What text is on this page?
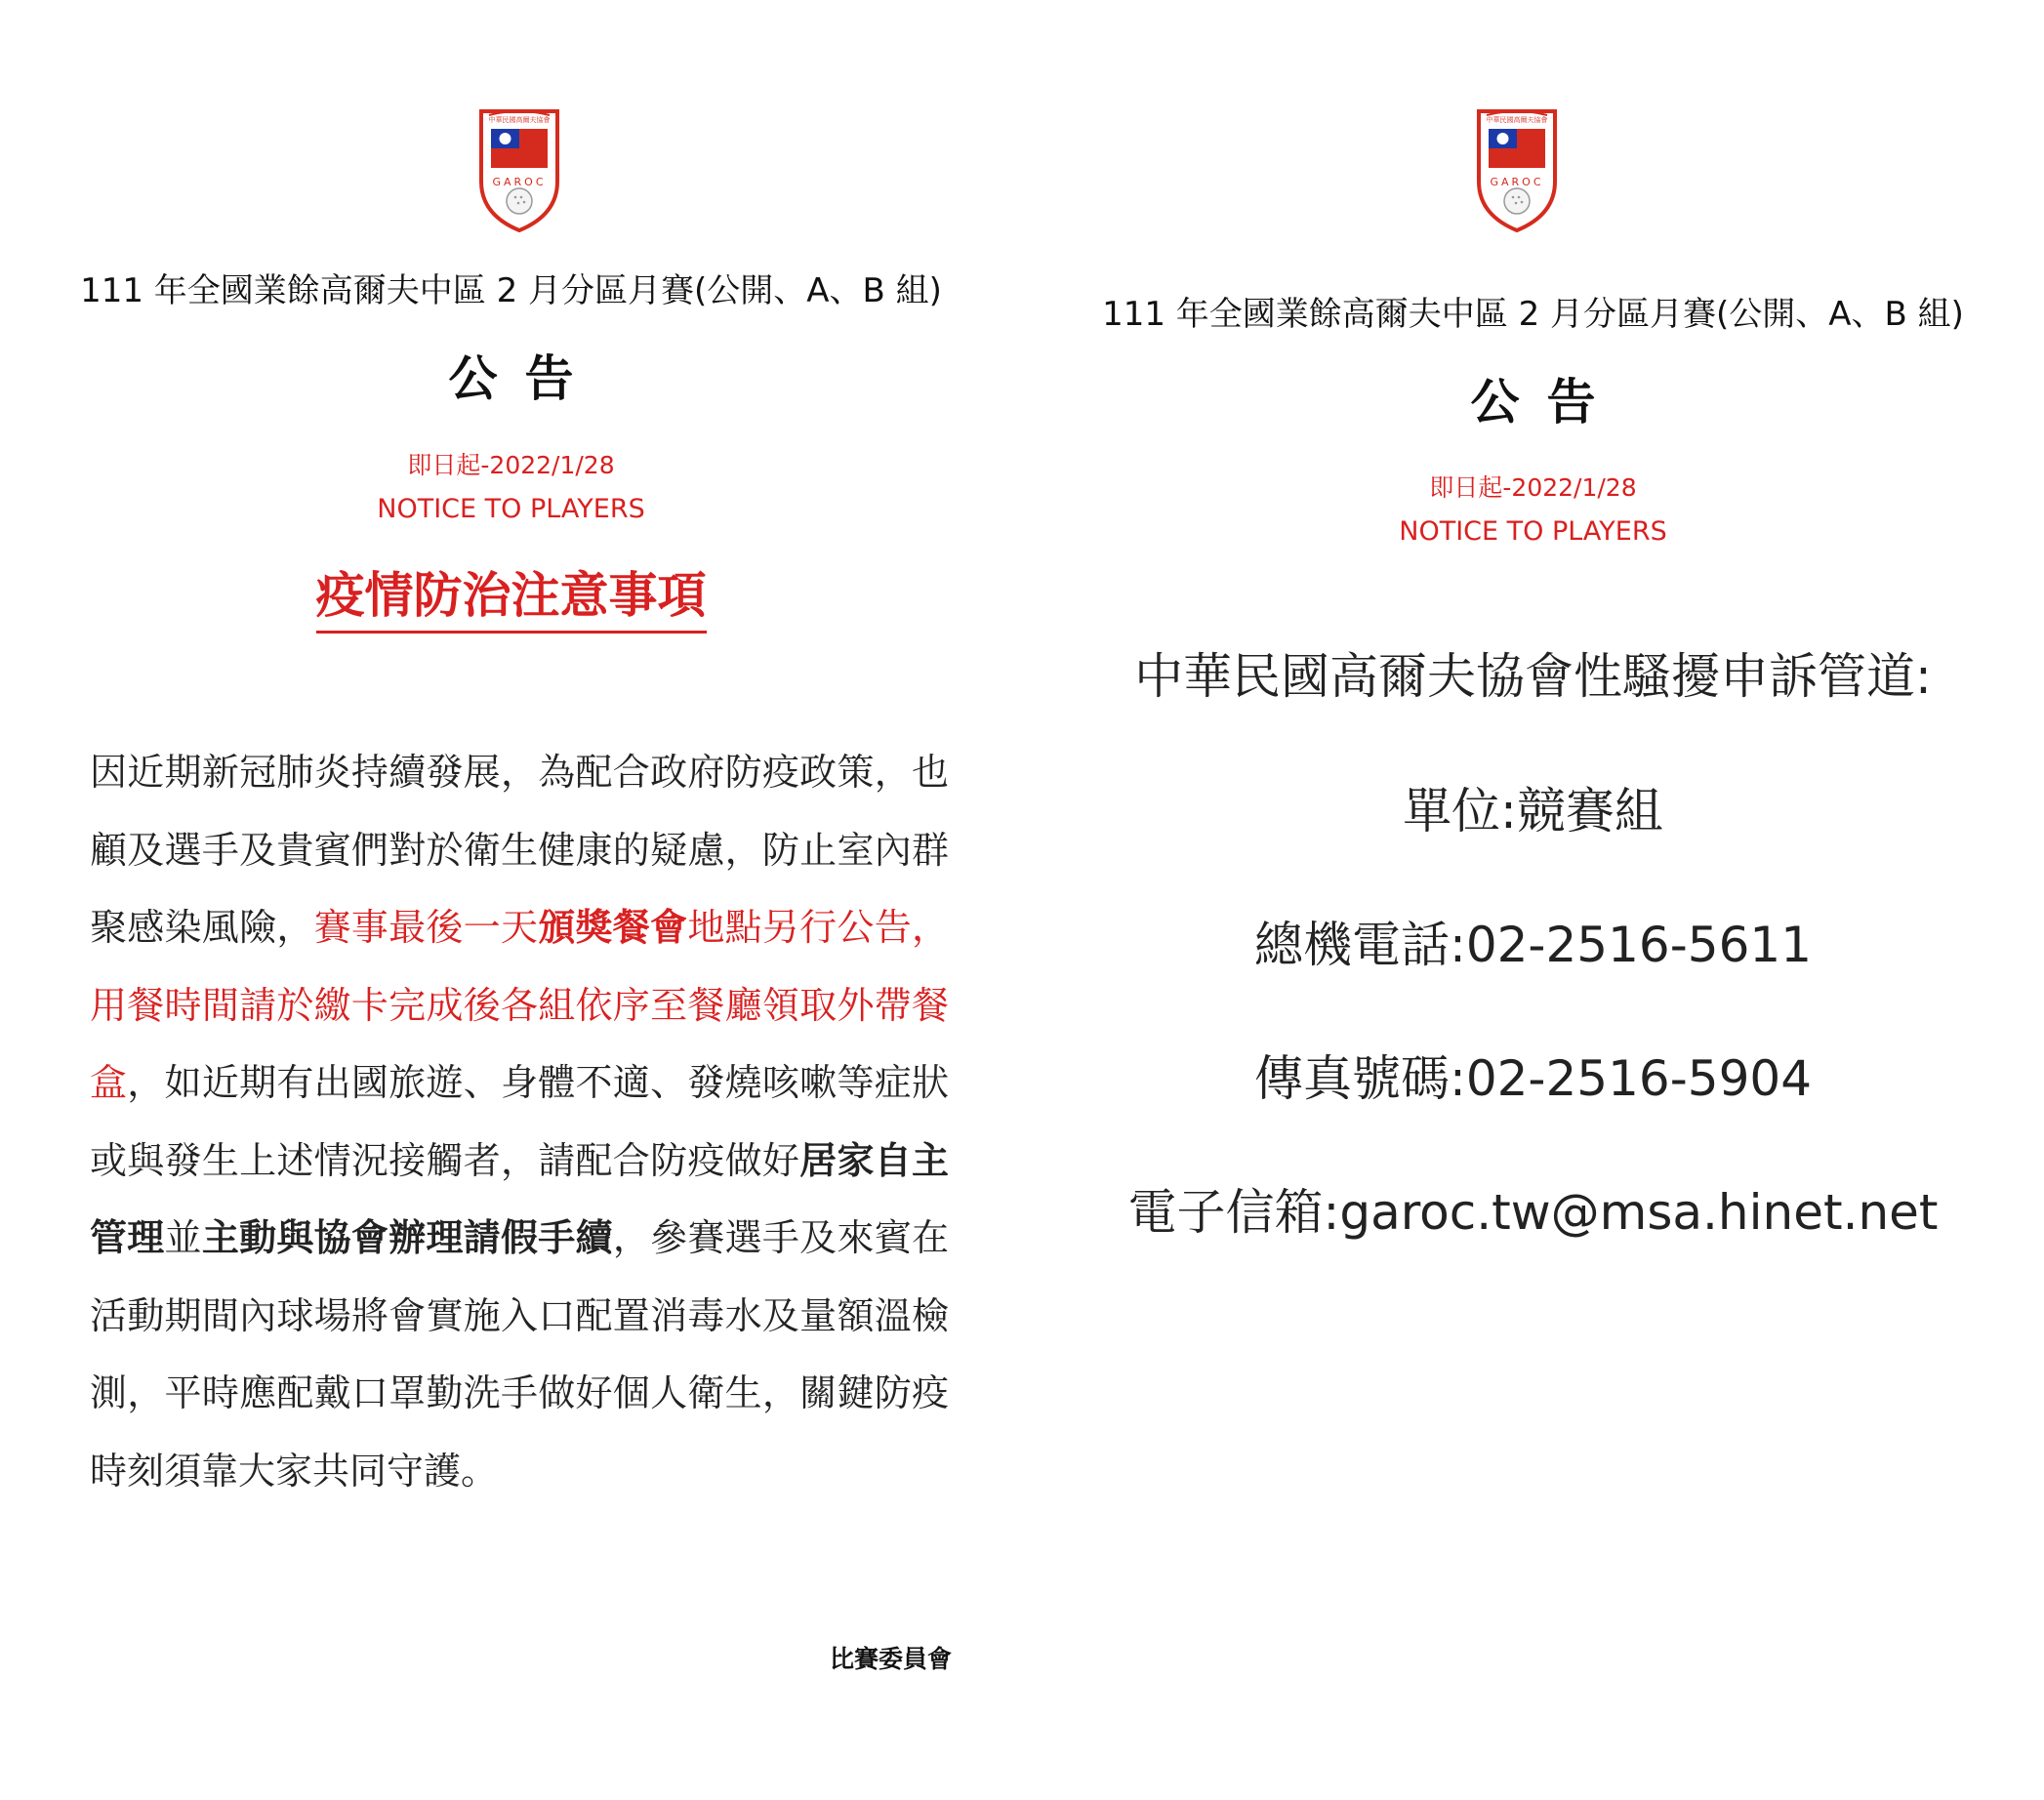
中華民國高爾夫協會
GAROC
111 年全國業餘高爾夫中區 2 月分區月賽(公開、A、B 組)
公告
即日起-2022/1/28
NOTICE TO PLAYERS
疫情防治注意事項
因近期新冠肺炎持續發展，為配合政府防疫政策，也顧及選手及貴賓們對於衛生健康的疑慮，防止室內群聚感染風險，賽事最後一天頒獎餐會地點另行公告，用餐時間請於繳卡完成後各組依序至餐廳領取外帶餐盒，如近期有出國旅遊、身體不適、發燒咳嗽等症狀或與發生上述情況接觸者，請配合防疫做好居家自主管理並主動與協會辦理請假手續，參賽選手及來賓在活動期間內球場將會實施入口配置消毒水及量額溫檢測，平時應配戴口罩勤洗手做好個人衛生，關鍵防疫時刻須靠大家共同守護。
比賽委員會
中華民國高爾夫協會
GAROC
111 年全國業餘高爾夫中區 2 月分區月賽(公開、A、B 組)
公告
即日起-2022/1/28
NOTICE TO PLAYERS
中華民國高爾夫協會性騷擾申訴管道:
單位:競賽組
總機電話:02-2516-5611
傳真號碼:02-2516-5904
電子信箱:garoc.tw@msa.hinet.net
